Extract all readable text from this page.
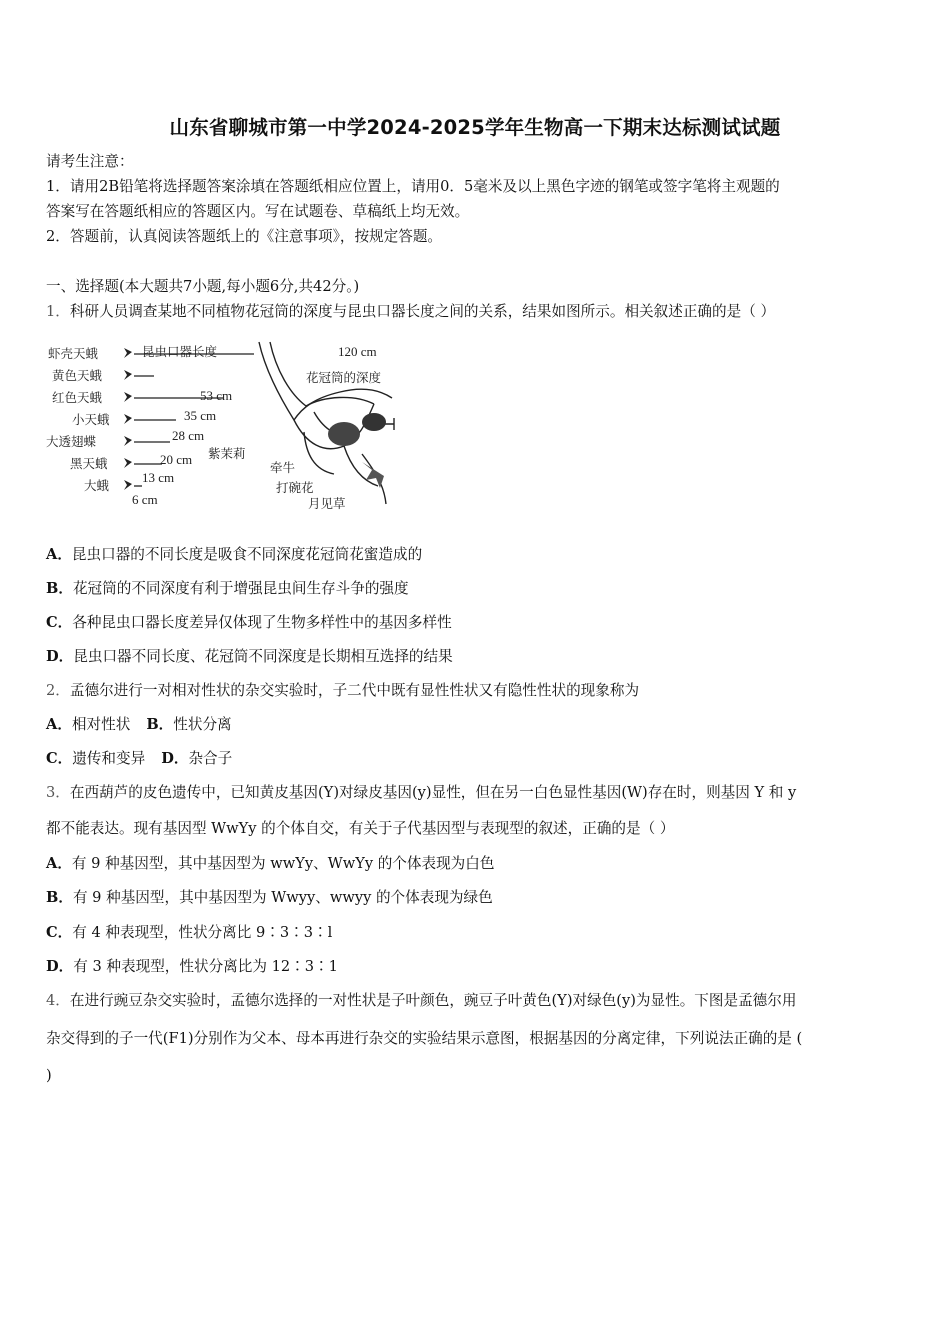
山东省聊城市第一中学2024-2025学年生物高一下期末达标测试试题

请考生注意：

1．请用2B铅笔将选择题答案涂填在答题纸相应位置上，请用0．5毫米及以上黑色字迹的钢笔或签字笔将主观题的

答案写在答题纸相应的答题区内。写在试题卷、草稿纸上均无效。

2．答题前，认真阅读答题纸上的《注意事项》，按规定答题。

一、选择题(本大题共7小题,每小题6分,共42分。)

1．科研人员调查某地不同植物花冠筒的深度与昆虫口器长度之间的关系，结果如图所示。相关叙述正确的是（ ）

虾壳天蛾
黄色天蛾
红色天蛾
小天蛾
大透翅蝶
黑天蛾
大蛾
昆虫口器长度
花冠筒的深度
120 cm
53 cm
35 cm
28 cm
20 cm
13 cm
6 cm
紫茉莉
牵牛
打碗花
月见草

A．昆虫口器的不同长度是吸食不同深度花冠筒花蜜造成的

B．花冠筒的不同深度有利于增强昆虫间生存斗争的强度

C．各种昆虫口器长度差异仅体现了生物多样性中的基因多样性

D．昆虫口器不同长度、花冠筒不同深度是长期相互选择的结果

2．孟德尔进行一对相对性状的杂交实验时，子二代中既有显性性状又有隐性性状的现象称为

A．相对性状 B．性状分离

C．遗传和变异 D．杂合子

3．在西葫芦的皮色遗传中，已知黄皮基因(Y)对绿皮基因(y)显性，但在另一白色显性基因(W)存在时，则基因 Y 和 y

都不能表达。现有基因型 WwYy 的个体自交，有关于子代基因型与表现型的叙述，正确的是（ ）

A．有 9 种基因型，其中基因型为 wwYy、WwYy 的个体表现为白色

B．有 9 种基因型，其中基因型为 Wwyy、wwyy 的个体表现为绿色

C．有 4 种表现型，性状分离比 9∶3∶3∶l

D．有 3 种表现型，性状分离比为 12∶3∶1

4．在进行豌豆杂交实验时，孟德尔选择的一对性状是子叶颜色，豌豆子叶黄色(Y)对绿色(y)为显性。下图是孟德尔用

杂交得到的子一代(F1)分别作为父本、母本再进行杂交的实验结果示意图，根据基因的分离定律，下列说法正确的是 (

)
